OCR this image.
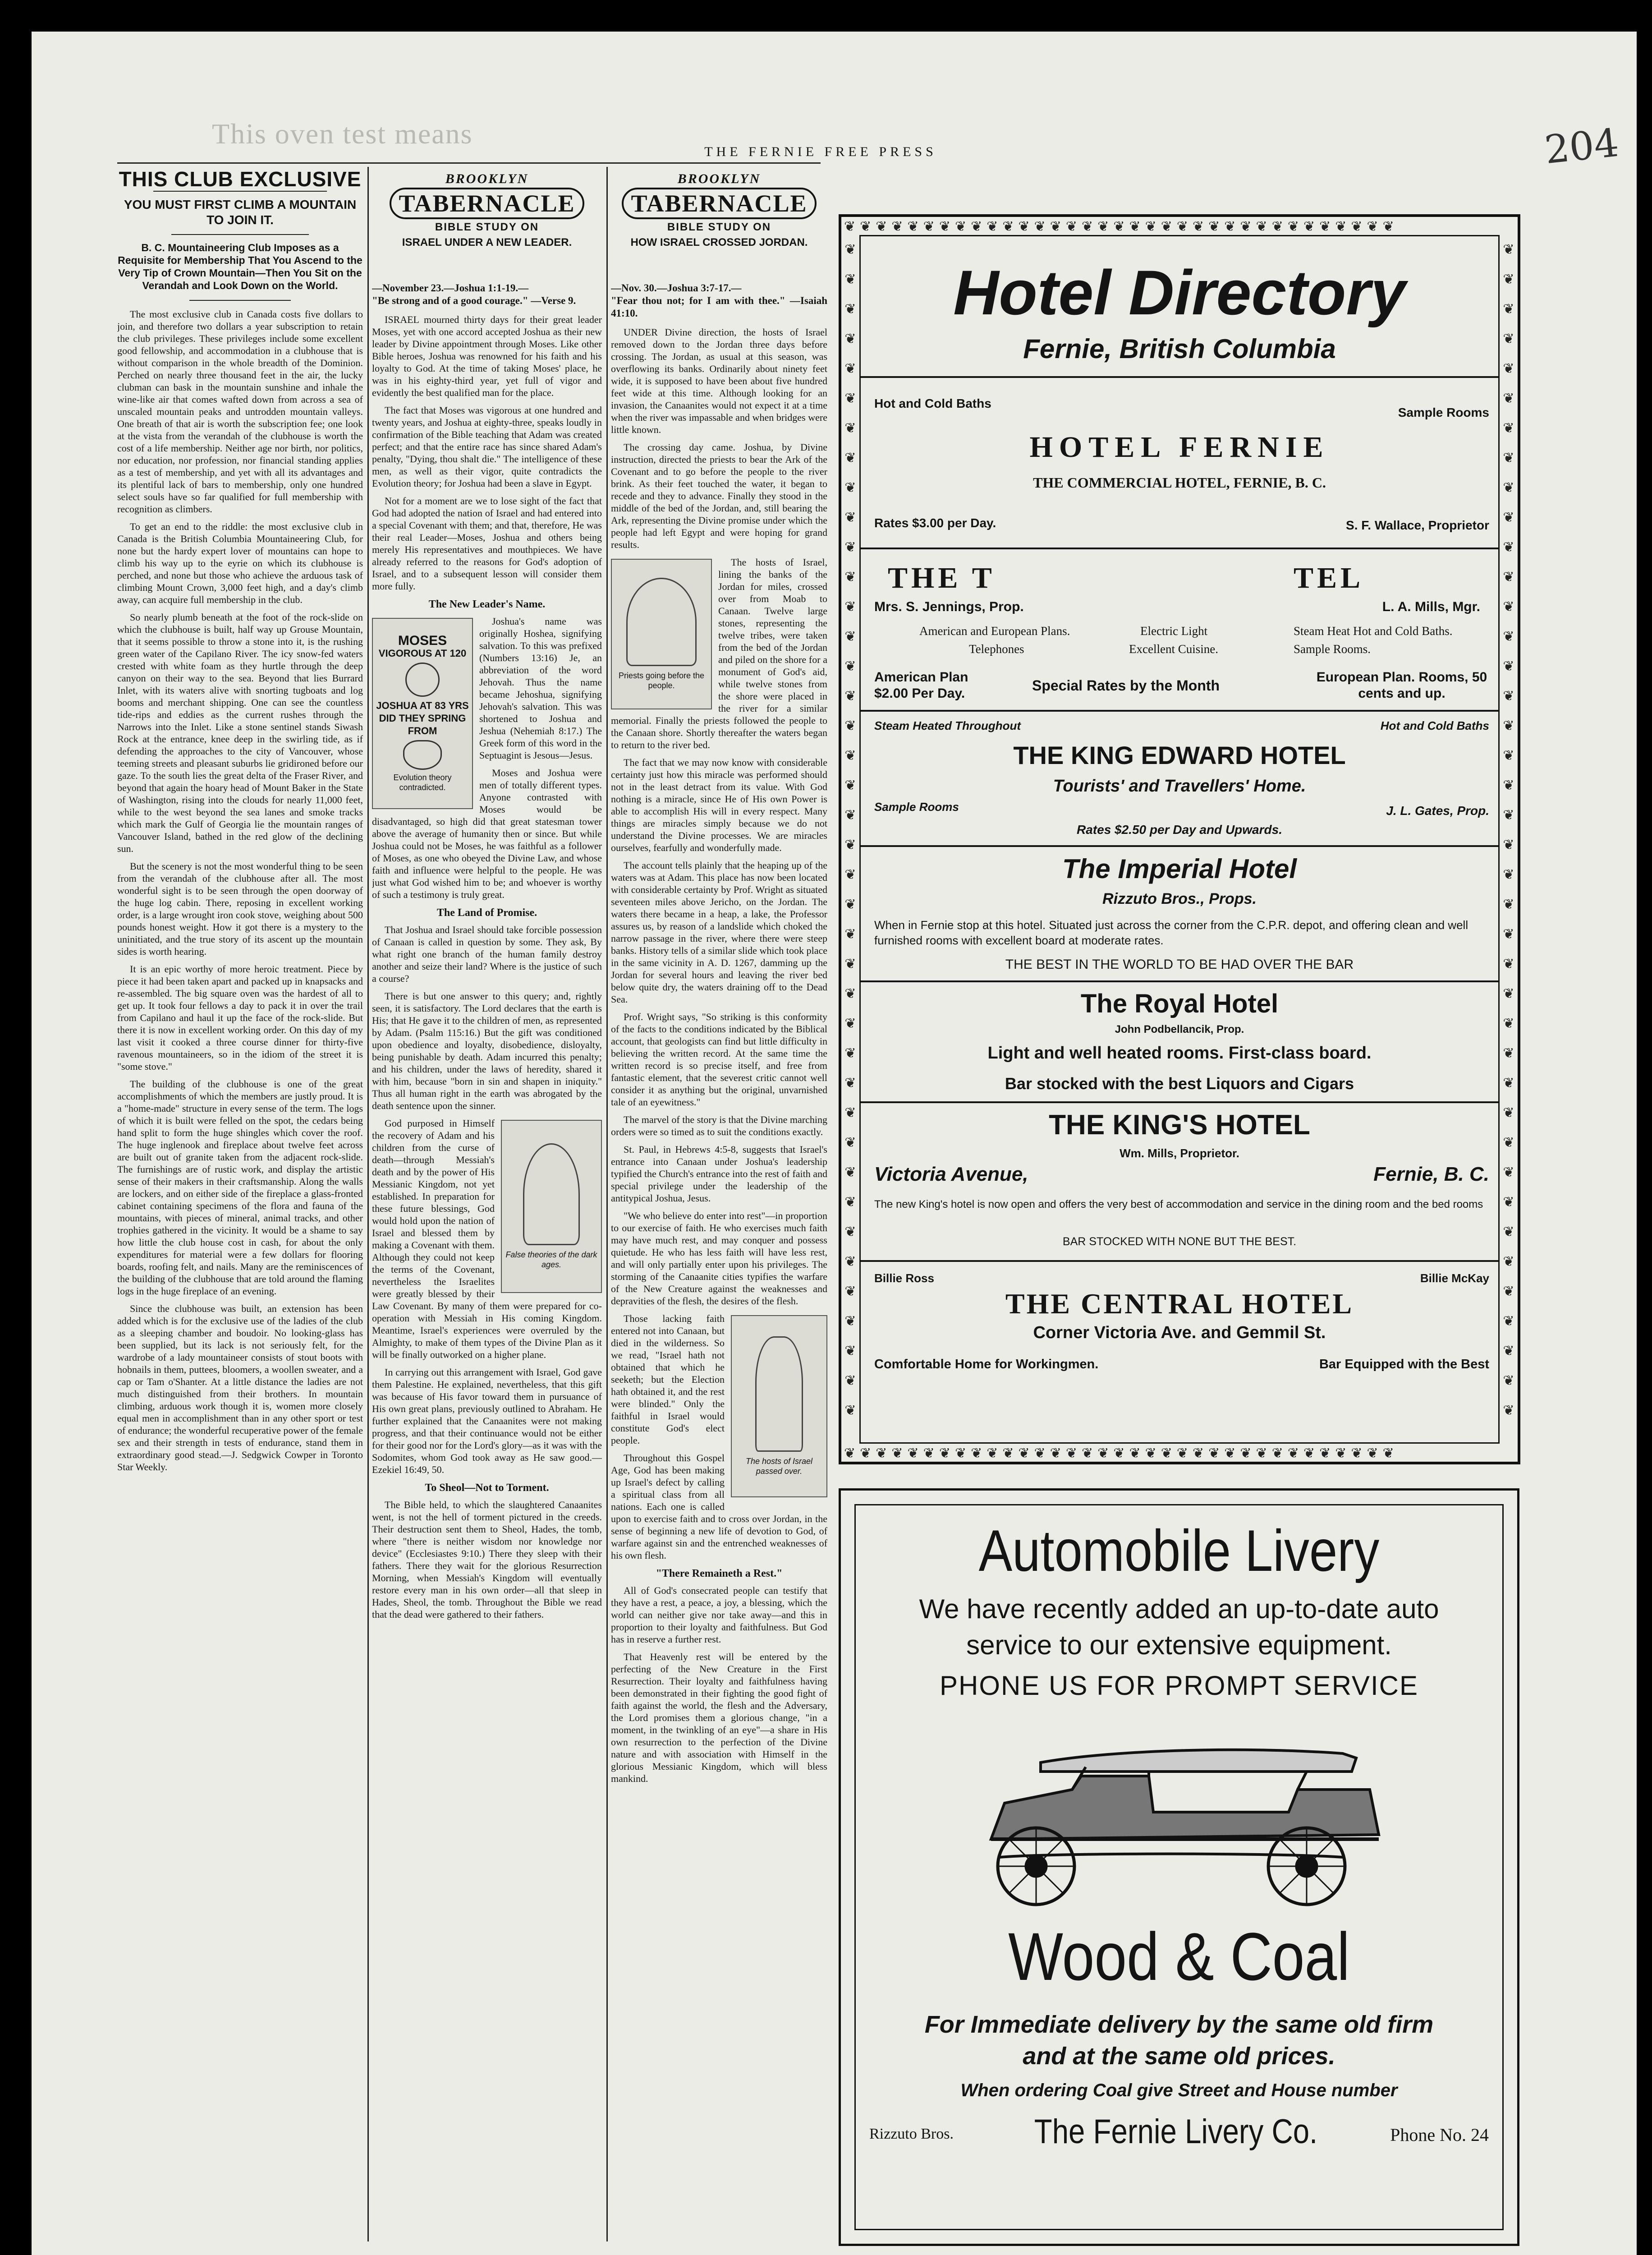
This oven test means
THE FERNIE FREE PRESS	204
THIS CLUB EXCLUSIVE
YOU MUST FIRST CLIMB A MOUNTAIN TO JOIN IT.
B. C. Mountaineering Club Imposes as a Requisite for Membership That You Ascend to the Very Tip of Crown Mountain—Then You Sit on the Verandah and Look Down on the World.

The most exclusive club in Canada costs five dollars to join, and therefore two dollars a year subscription to retain the club privileges. These privileges include some excellent good fellowship, and accommodation in a clubhouse that is without comparison in the whole breadth of the Dominion. Perched on nearly three thousand feet in the air, the lucky clubman can bask in the mountain sunshine and inhale the wine-like air that comes wafted down from across a sea of unscaled mountain peaks and untrodden mountain valleys. One breath of that air is worth the subscription fee; one look at the vista from the verandah of the clubhouse is worth the cost of a life membership. Neither age nor birth, nor politics, nor education, nor profession, nor financial standing applies as a test of membership, and yet with all its advantages and its plentiful lack of bars to membership, only one hundred select souls have so far qualified for full membership with recognition as climbers.

To get an end to the riddle: the most exclusive club in Canada is the British Columbia Mountaineering Club, for none but the hardy expert lover of mountains can hope to climb his way up to the eyrie on which its clubhouse is perched, and none but those who achieve the arduous task of climbing Mount Crown, 3,000 feet high, and a day's climb away, can acquire full membership in the club.

So nearly plumb beneath at the foot of the rock-slide on which the clubhouse is built, half way up Grouse Mountain, that it seems possible to throw a stone into it, is the rushing green water of the Capilano River. The icy snow-fed waters crested with white foam as they hurtle through the deep canyon on their way to the sea. Beyond that lies Burrard Inlet, with its waters alive with snorting tugboats and log booms and merchant shipping. One can see the countless tide-rips and eddies as the current rushes through the Narrows into the Inlet. Like a stone sentinel stands Siwash Rock at the entrance, knee deep in the swirling tide, as if defending the approaches to the city of Vancouver, whose teeming streets and pleasant suburbs lie gridironed before our gaze. To the south lies the great delta of the Fraser River, and beyond that again the hoary head of Mount Baker in the State of Washington, rising into the clouds for nearly 11,000 feet, while to the west beyond the sea lanes and smoke tracks which mark the Gulf of Georgia lie the mountain ranges of Vancouver Island, bathed in the red glow of the declining sun.

But the scenery is not the most wonderful thing to be seen from the verandah of the clubhouse after all. The most wonderful sight is to be seen through the open doorway of the huge log cabin. There, reposing in excellent working order, is a large wrought iron cook stove, weighing about 500 pounds honest weight. How it got there is a mystery to the uninitiated, and the true story of its ascent up the mountain sides is worth hearing.

It is an epic worthy of more heroic treatment. Piece by piece it had been taken apart and packed up in knapsacks and re-assembled. The big square oven was the hardest of all to get up. It took four fellows a day to pack it in over the trail from Capilano and haul it up the face of the rock-slide. But there it is now in excellent working order. On this day of my last visit it cooked a three course dinner for thirty-five ravenous mountaineers, so in the idiom of the street it is "some stove."

The building of the clubhouse is one of the great accomplishments of which the members are justly proud. It is a "home-made" structure in every sense of the term. The logs of which it is built were felled on the spot, the cedars being hand split to form the huge shingles which cover the roof. The huge inglenook and fireplace about twelve feet across are built out of granite taken from the adjacent rock-slide. The furnishings are of rustic work, and display the artistic sense of their makers in their craftsmanship. Along the walls are lockers, and on either side of the fireplace a glass-fronted cabinet containing specimens of the flora and fauna of the mountains, with pieces of mineral, animal tracks, and other trophies gathered in the vicinity. It would be a shame to say how little the club house cost in cash, for about the only expenditures for material were a few dollars for flooring boards, roofing felt, and nails. Many are the reminiscences of the building of the clubhouse that are told around the flaming logs in the huge fireplace of an evening.

Since the clubhouse was built, an extension has been added which is for the exclusive use of the ladies of the club as a sleeping chamber and boudoir. No looking-glass has been supplied, but its lack is not seriously felt, for the wardrobe of a lady mountaineer consists of stout boots with hobnails in them, puttees, bloomers, a woollen sweater, and a cap or Tam o'Shanter. At a little distance the ladies are not much distinguished from their brothers. In mountain climbing, arduous work though it is, women more closely equal men in accomplishment than in any other sport or test of endurance; the wonderful recuperative power of the female sex and their strength in tests of endurance, stand them in extraordinary good stead.—J. Sedgwick Cowper in Toronto Star Weekly.

BROOKLYN
TABERNACLE
BIBLE STUDY ON
ISRAEL UNDER A NEW LEADER.
—November 23.—Joshua 1:1-19.—
"Be strong and of a good courage." —Verse 9.

ISRAEL mourned thirty days for their great leader Moses, yet with one accord accepted Joshua as their new leader by Divine appointment through Moses. Like other Bible heroes, Joshua was renowned for his faith and his loyalty to God. At the time of taking Moses' place, he was in his eighty-third year, yet full of vigor and evidently the best qualified man for the place.

The fact that Moses was vigorous at one hundred and twenty years, and Joshua at eighty-three, speaks loudly in confirmation of the Bible teaching that Adam was created perfect; and that the entire race has since shared Adam's penalty, "Dying, thou shalt die." The intelligence of these men, as well as their vigor, quite contradicts the Evolution theory; for Joshua had been a slave in Egypt.

Not for a moment are we to lose sight of the fact that God had adopted the nation of Israel and had entered into a special Covenant with them; and that, therefore, He was their real Leader—Moses, Joshua and others being merely His representatives and mouthpieces. We have already referred to the reasons for God's adoption of Israel, and to a subsequent lesson will consider them more fully.

The New Leader's Name.
MOSES
VIGOROUS AT 120
JOSHUA AT 83 YRS
DID THEY SPRING FROM
Evolution theory contradicted.

Joshua's name was originally Hoshea, signifying salvation. To this was prefixed (Numbers 13:16) Je, an abbreviation of the word Jehovah. Thus the name became Jehoshua, signifying Jehovah's salvation. This was shortened to Joshua and Jeshua (Nehemiah 8:17.) The Greek form of this word in the Septuagint is Jesous—Jesus.

Moses and Joshua were men of totally different types. Anyone contrasted with Moses would be disadvantaged, so high did that great statesman tower above the average of humanity then or since. But while Joshua could not be Moses, he was faithful as a follower of Moses, as one who obeyed the Divine Law, and whose faith and influence were helpful to the people. He was just what God wished him to be; and whoever is worthy of such a testimony is truly great.

The Land of Promise.

That Joshua and Israel should take forcible possession of Canaan is called in question by some. They ask, By what right one branch of the human family destroy another and seize their land? Where is the justice of such a course?

There is but one answer to this query; and, rightly seen, it is satisfactory. The Lord declares that the earth is His; that He gave it to the children of men, as represented by Adam. (Psalm 115:16.) But the gift was conditioned upon obedience and loyalty, disobedience, disloyalty, being punishable by death. Adam incurred this penalty; and his children, under the laws of heredity, shared it with him, because "born in sin and shapen in iniquity." Thus all human right in the earth was abrogated by the death sentence upon the sinner.

False theories of the dark ages.

God purposed in Himself the recovery of Adam and his children from the curse of death—through Messiah's death and by the power of His Messianic Kingdom, not yet established. In preparation for these future blessings, God would hold upon the nation of Israel and blessed them by making a Covenant with them. Although they could not keep the terms of the Covenant, nevertheless the Israelites were greatly blessed by their Law Covenant. By many of them were prepared for co-operation with Messiah in His coming Kingdom. Meantime, Israel's experiences were overruled by the Almighty, to make of them types of the Divine Plan as it will be finally outworked on a higher plane.

In carrying out this arrangement with Israel, God gave them Palestine. He explained, nevertheless, that this gift was because of His favor toward them in pursuance of His own great plans, previously outlined to Abraham. He further explained that the Canaanites were not making progress, and that their continuance would not be either for their good nor for the Lord's glory—as it was with the Sodomites, whom God took away as He saw good.—Ezekiel 16:49, 50.

To Sheol—Not to Torment.

The Bible held, to which the slaughtered Canaanites went, is not the hell of torment pictured in the creeds. Their destruction sent them to Sheol, Hades, the tomb, where "there is neither wisdom nor knowledge nor device" (Ecclesiastes 9:10.) There they sleep with their fathers. There they wait for the glorious Resurrection Morning, when Messiah's Kingdom will eventually restore every man in his own order—all that sleep in Hades, Sheol, the tomb. Throughout the Bible we read that the dead were gathered to their fathers.

BROOKLYN
TABERNACLE
BIBLE STUDY ON
HOW ISRAEL CROSSED JORDAN.
—Nov. 30.—Joshua 3:7-17.—
"Fear thou not; for I am with thee." —Isaiah 41:10.

UNDER Divine direction, the hosts of Israel removed down to the Jordan three days before crossing. The Jordan, as usual at this season, was overflowing its banks. Ordinarily about ninety feet wide, it is supposed to have been about five hundred feet wide at this time. Although looking for an invasion, the Canaanites would not expect it at a time when the river was impassable and when bridges were little known.

The crossing day came. Joshua, by Divine instruction, directed the priests to bear the Ark of the Covenant and to go before the people to the river brink. As their feet touched the water, it began to recede and they to advance. Finally they stood in the middle of the bed of the Jordan, and, still bearing the Ark, representing the Divine promise under which the people had left Egypt and were hoping for grand results.

Priests going before the people.

The hosts of Israel, lining the banks of the Jordan for miles, crossed over from Moab to Canaan. Twelve large stones, representing the twelve tribes, were taken from the bed of the Jordan and piled on the shore for a monument of God's aid, while twelve stones from the shore were placed in the river for a similar memorial. Finally the priests followed the people to the Canaan shore. Shortly thereafter the waters began to return to the river bed.

The fact that we may now know with considerable certainty just how this miracle was performed should not in the least detract from its value. With God nothing is a miracle, since He of His own Power is able to accomplish His will in every respect. Many things are miracles simply because we do not understand the Divine processes. We are miracles ourselves, fearfully and wonderfully made.

The account tells plainly that the heaping up of the waters was at Adam. This place has now been located with considerable certainty by Prof. Wright as situated seventeen miles above Jericho, on the Jordan. The waters there became in a heap, a lake, the Professor assures us, by reason of a landslide which choked the narrow passage in the river, where there were steep banks. History tells of a similar slide which took place in the same vicinity in A. D. 1267, damming up the Jordan for several hours and leaving the river bed below quite dry, the waters draining off to the Dead Sea.

Prof. Wright says, "So striking is this conformity of the facts to the conditions indicated by the Biblical account, that geologists can find but little difficulty in believing the written record. At the same time the written record is so precise itself, and free from fantastic element, that the severest critic cannot well consider it as anything but the original, unvarnished tale of an eyewitness."

The marvel of the story is that the Divine marching orders were so timed as to suit the conditions exactly.

St. Paul, in Hebrews 4:5-8, suggests that Israel's entrance into Canaan under Joshua's leadership typified the Church's entrance into the rest of faith and special privilege under the leadership of the antitypical Joshua, Jesus.

"We who believe do enter into rest"—in proportion to our exercise of faith. He who exercises much faith may have much rest, and may conquer and possess quietude. He who has less faith will have less rest, and will only partially enter upon his privileges. The storming of the Canaanite cities typifies the warfare of the New Creature against the weaknesses and depravities of the flesh, the desires of the flesh.

The hosts of Israel passed over.

Those lacking faith entered not into Canaan, but died in the wilderness. So we read, "Israel hath not obtained that which he seeketh; but the Election hath obtained it, and the rest were blinded." Only the faithful in Israel would constitute God's elect people.

Throughout this Gospel Age, God has been making up Israel's defect by calling a spiritual class from all nations. Each one is called upon to exercise faith and to cross over Jordan, in the sense of beginning a new life of devotion to God, of warfare against sin and the entrenched weaknesses of his own flesh.

"There Remaineth a Rest."

All of God's consecrated people can testify that they have a rest, a peace, a joy, a blessing, which the world can neither give nor take away—and this in proportion to their loyalty and faithfulness. But God has in reserve a further rest.

That Heavenly rest will be entered by the perfecting of the New Creature in the First Resurrection. Their loyalty and faithfulness having been demonstrated in their fighting the good fight of faith against the world, the flesh and the Adversary, the Lord promises them a glorious change, "in a moment, in the twinkling of an eye"—a share in His own resurrection to the perfection of the Divine nature and with association with Himself in the glorious Messianic Kingdom, which will bless mankind.

❦❦❦❦❦❦❦❦❦❦❦❦❦❦❦❦❦❦❦❦❦❦❦❦❦❦❦❦❦❦❦❦❦❦❦
❦❦❦❦❦❦❦❦❦❦❦❦❦❦❦❦❦❦❦❦❦❦❦❦❦❦❦❦❦❦❦❦❦❦❦
❦ ❦ ❦ ❦ ❦ ❦ ❦ ❦ ❦ ❦ ❦ ❦ ❦ ❦ ❦ ❦ ❦ ❦ ❦ ❦ ❦ ❦ ❦ ❦ ❦ ❦ ❦ ❦ ❦ ❦ ❦ ❦ ❦ ❦ ❦ ❦ ❦ ❦ ❦ ❦
❦ ❦ ❦ ❦ ❦ ❦ ❦ ❦ ❦ ❦ ❦ ❦ ❦ ❦ ❦ ❦ ❦ ❦ ❦ ❦ ❦ ❦ ❦ ❦ ❦ ❦ ❦ ❦ ❦ ❦ ❦ ❦ ❦ ❦ ❦ ❦ ❦ ❦ ❦ ❦
Hotel Directory
Fernie, British Columbia
Hot and Cold Baths
Sample Rooms
HOTEL FERNIE
THE COMMERCIAL HOTEL, FERNIE, B. C.
Rates $3.00 per Day.	S. F. Wallace, Proprietor
THE T	TEL
Mrs. S. Jennings, Prop.	L. A. Mills, Mgr.
American and European Plans.
Telephones
Electric Light
Excellent Cuisine.
Steam Heat Hot and Cold Baths.
Sample Rooms.
American Plan $2.00 Per Day.	Special Rates by the Month
European Plan. Rooms, 50 cents and up.
Steam Heated Throughout	Hot and Cold Baths
THE KING EDWARD HOTEL
Tourists' and Travellers' Home.
Sample Rooms	J. L. Gates, Prop.
Rates $2.50 per Day and Upwards.
The Imperial Hotel
Rizzuto Bros., Props.
When in Fernie stop at this hotel. Situated just across the corner from the C.P.R. depot, and offering clean and well furnished rooms with excellent board at moderate rates.
THE BEST IN THE WORLD TO BE HAD OVER THE BAR
The Royal Hotel
John Podbellancik, Prop.
Light and well heated rooms. First-class board.
Bar stocked with the best Liquors and Cigars
THE KING'S HOTEL
Wm. Mills, Proprietor.
Victoria Avenue,	Fernie, B. C.
The new King's hotel is now open and offers the very best of accommodation and service in the dining room and the bed rooms
BAR STOCKED WITH NONE BUT THE BEST.
Billie Ross	Billie McKay
THE CENTRAL HOTEL
Corner Victoria Ave. and Gemmil St.
Comfortable Home for Workingmen.	Bar Equipped with the Best
Automobile Livery
We have recently added an up-to-date auto
service to our extensive equipment.
PHONE US FOR PROMPT SERVICE
Wood & Coal
For Immediate delivery by the same old firm
and at the same old prices.
When ordering Coal give Street and House number
Rizzuto Bros. The Fernie Livery Co.	Phone No. 24
